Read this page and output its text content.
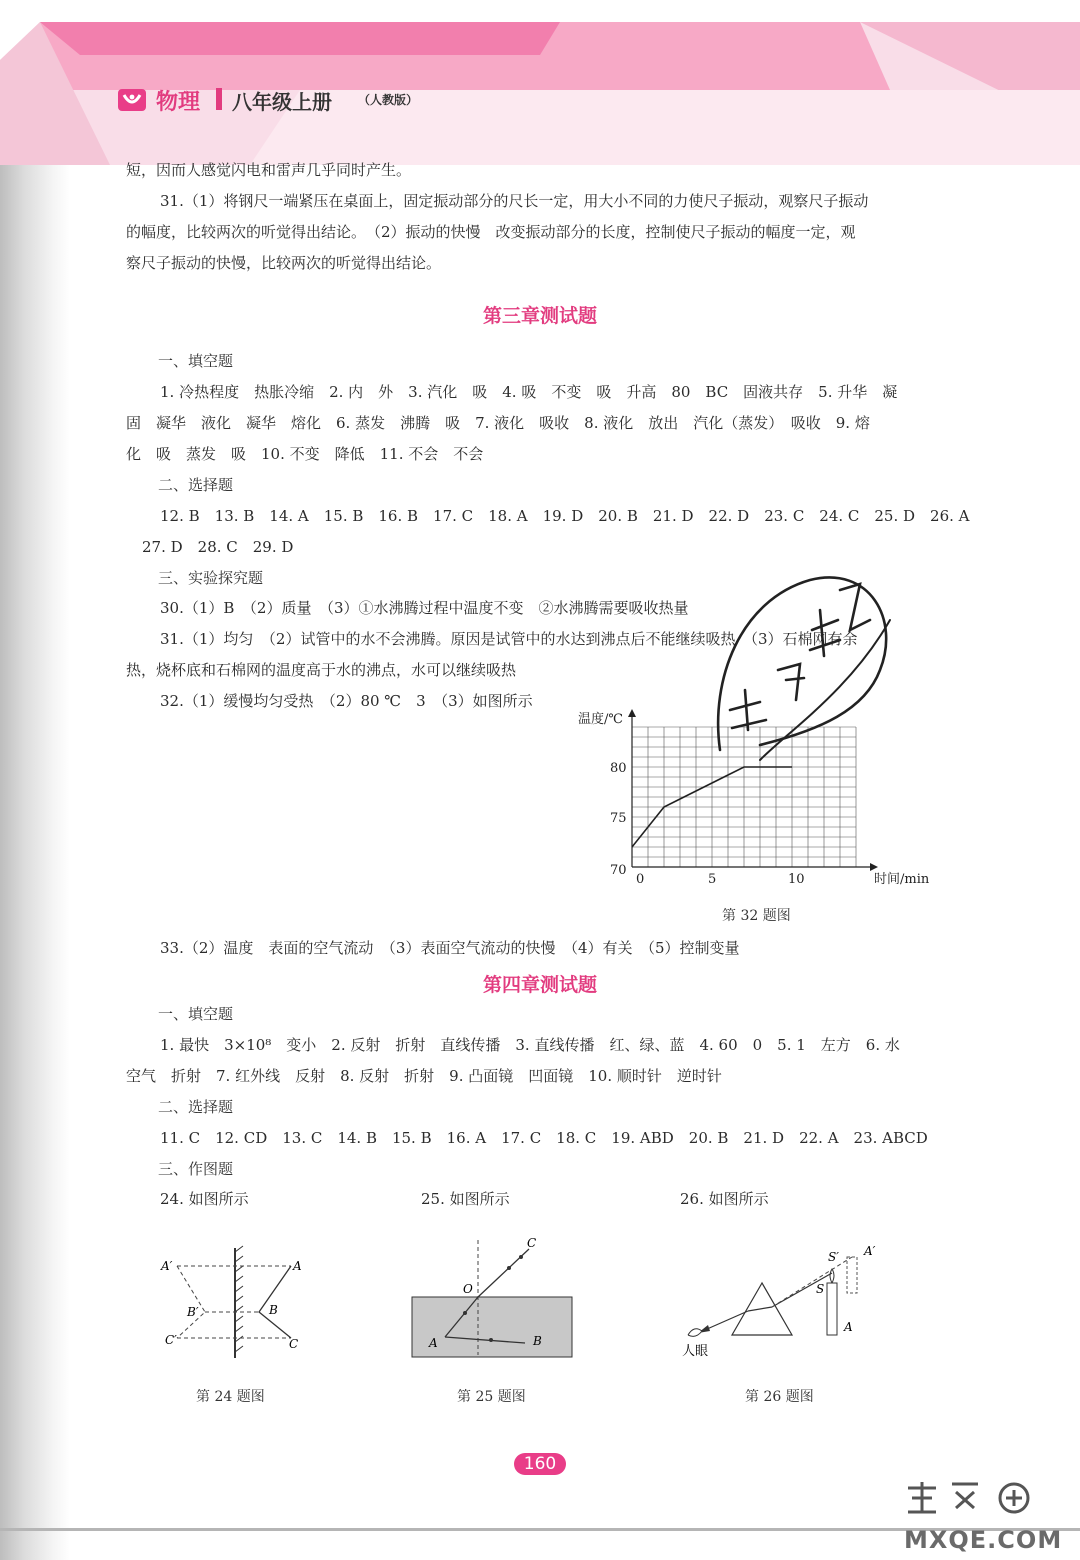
物理 八年级上册 （人教版）
短，因而人感觉闪电和雷声几乎同时产生。
31.（1）将钢尺一端紧压在桌面上，固定振动部分的尺长一定，用大小不同的力使尺子振动，观察尺子振动
的幅度，比较两次的听觉得出结论。　（2）振动的快慢　改变振动部分的长度，控制使尺子振动的幅度一定，观
察尺子振动的快慢，比较两次的听觉得出结论。
第三章测试题
一、填空题
1. 冷热程度　热胀冷缩　2. 内　外　3. 汽化　吸　4. 吸　不变　吸　升高　80　BC　固液共存　5. 升华　凝
固　凝华　液化　凝华　熔化　6. 蒸发　沸腾　吸　7. 液化　吸收　8. 液化　放出　汽化（蒸发）　吸收　9. 熔
化　吸　蒸发　吸　10. 不变　降低　11. 不会　不会
二、选择题
12. B　13. B　14. A　15. B　16. B　17. C　18. A　19. D　20. B　21. D　22. D　23. C　24. C　25. D　26. A
27. D　28. C　29. D
三、实验探究题
30.（1）B　（2）质量　（3）①水沸腾过程中温度不变　②水沸腾需要吸收热量
31.（1）均匀　（2）试管中的水不会沸腾。原因是试管中的水达到沸点后不能继续吸热　（3）石棉网有余
热，烧杯底和石棉网的温度高于水的沸点，水可以继续吸热
32.（1）缓慢均匀受热　（2）80 ℃　3　（3）如图所示
0	5	10
70
75
80
温度/℃
时间/min
第 32 题图
33.（2）温度　表面的空气流动　（3）表面空气流动的快慢　（4）有关　（5）控制变量
第四章测试题
一、填空题
1. 最快　3×10⁸　变小　2. 反射　折射　直线传播　3. 直线传播　红、绿、蓝　4. 60　0　5. 1　左方　6. 水
空气　折射　7. 红外线　反射　8. 反射　折射　9. 凸面镜　凹面镜　10. 顺时针　逆时针
二、选择题
11. C　12. CD　13. C　14. B　15. B　16. A　17. C　18. C　19. ABD　20. B　21. D　22. A　23. ABCD
三、作图题
24. 如图所示	25. 如图所示	26. 如图所示
A′	A
B′	B
C′	C
第 24 题图
C
O
A	B
第 25 题图
S′ A′
S
A
人眼
第 26 题图
160
MXQE.COM
